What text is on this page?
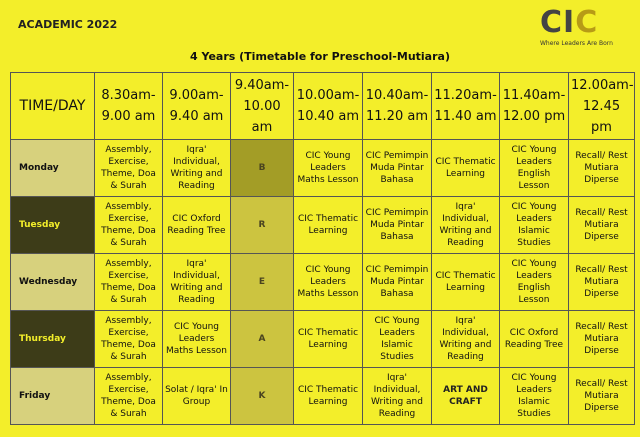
ACADEMIC 2022	CIC
Where Leaders Are Born
4 Years (Timetable for Preschool-Mutiara)
TIME/DAY	8.30am- 9.00 am	9.00am- 9.40 am	9.40am- 10.00 am	10.00am- 10.40 am	10.40am- 11.20 am	11.20am- 11.40 am	11.40am- 12.00 pm	12.00am- 12.45 pm
Monday	Assembly, Exercise, Theme, Doa & Surah	Iqra' Individual, Writing and Reading	B	CIC Young Leaders Maths Lesson	CIC Pemimpin Muda Pintar Bahasa	CIC Thematic Learning	CIC Young Leaders English Lesson	Recall/ Rest Mutiara Diperse
Tuesday	Assembly, Exercise, Theme, Doa & Surah	CIC Oxford Reading Tree	R	CIC Thematic Learning	CIC Pemimpin Muda Pintar Bahasa	Iqra' Individual, Writing and Reading	CIC Young Leaders Islamic Studies	Recall/ Rest Mutiara Diperse
Wednesday	Assembly, Exercise, Theme, Doa & Surah	Iqra' Individual, Writing and Reading	E	CIC Young Leaders Maths Lesson	CIC Pemimpin Muda Pintar Bahasa	CIC Thematic Learning	CIC Young Leaders English Lesson	Recall/ Rest Mutiara Diperse
Thursday	Assembly, Exercise, Theme, Doa & Surah	CIC Young Leaders Maths Lesson	A	CIC Thematic Learning	CIC Young Leaders Islamic Studies	Iqra' Individual, Writing and Reading	CIC Oxford Reading Tree	Recall/ Rest Mutiara Diperse
Friday	Assembly, Exercise, Theme, Doa & Surah	Solat / Iqra' In Group	K	CIC Thematic Learning	Iqra' Individual, Writing and Reading	ART AND CRAFT	CIC Young Leaders Islamic Studies	Recall/ Rest Mutiara Diperse
